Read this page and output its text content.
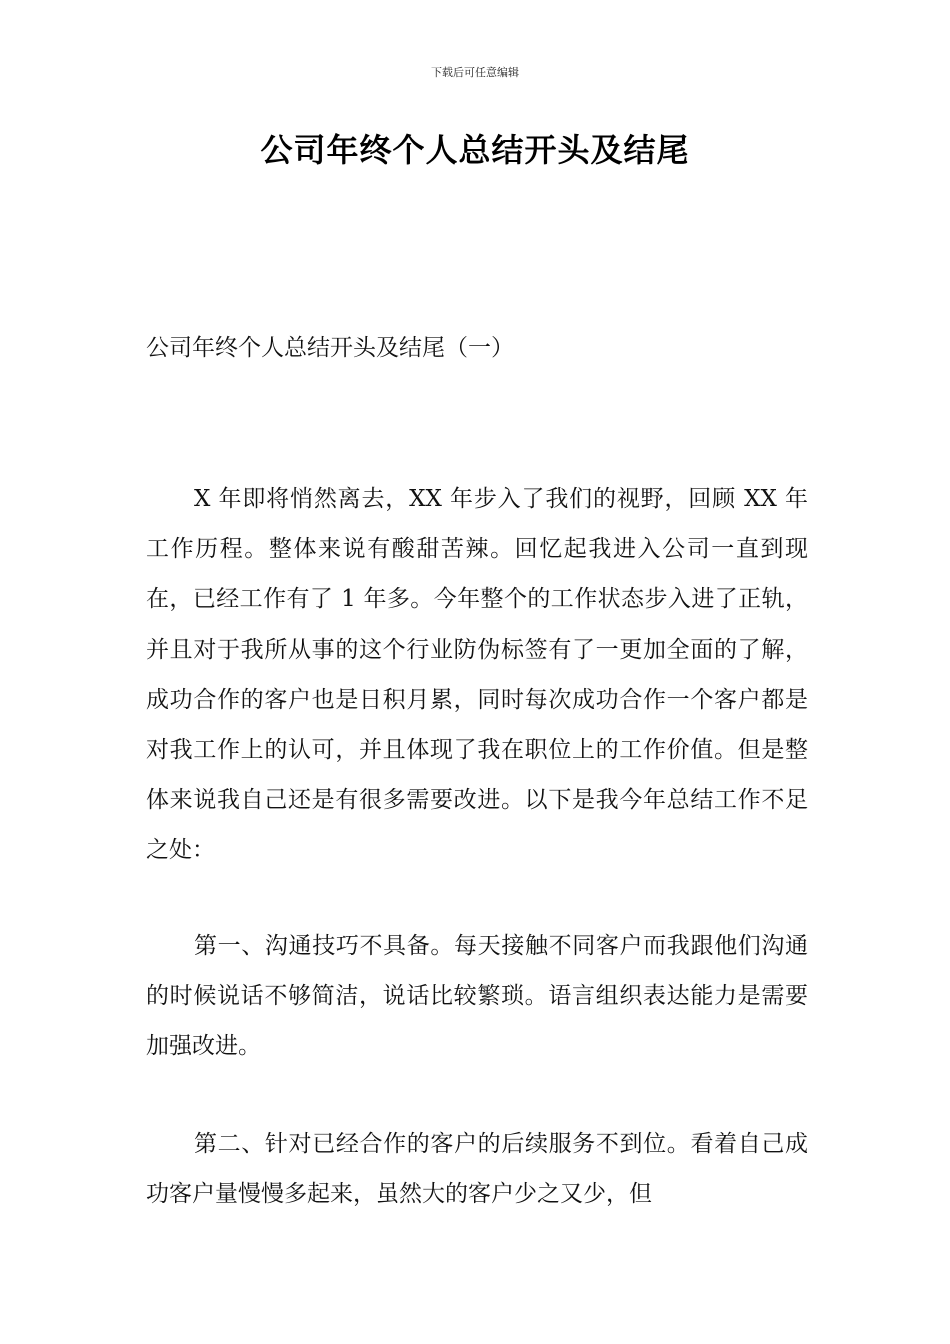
下载后可任意编辑
公司年终个人总结开头及结尾
公司年终个人总结开头及结尾（一）

X 年即将悄然离去，XX 年步入了我们的视野，回顾 XX 年工作历程。整体来说有酸甜苦辣。回忆起我进入公司一直到现在，已经工作有了 1 年多。今年整个的工作状态步入进了正轨，并且对于我所从事的这个行业防伪标签有了一更加全面的了解，成功合作的客户也是日积月累，同时每次成功合作一个客户都是对我工作上的认可，并且体现了我在职位上的工作价值。但是整体来说我自己还是有很多需要改进。以下是我今年总结工作不足之处：

第一、沟通技巧不具备。每天接触不同客户而我跟他们沟通的时候说话不够简洁，说话比较繁琐。语言组织表达能力是需要加强改进。

第二、针对已经合作的客户的后续服务不到位。看着自己成功客户量慢慢多起来，虽然大的客户少之又少，但
